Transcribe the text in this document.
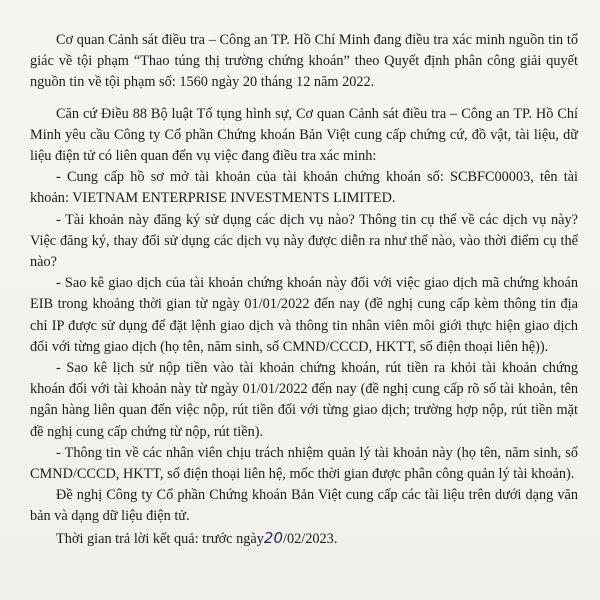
Cơ quan Cảnh sát điều tra – Công an TP. Hồ Chí Minh đang điều tra xác minh nguồn tin tố giác về tội phạm “Thao túng thị trường chứng khoán” theo Quyết định phân công giải quyết nguồn tin về tội phạm số: 1560 ngày 20 tháng 12 năm 2022.

Căn cứ Điều 88 Bộ luật Tố tụng hình sự, Cơ quan Cảnh sát điều tra – Công an TP. Hồ Chí Minh yêu cầu Công ty Cổ phần Chứng khoán Bản Việt cung cấp chứng cứ, đồ vật, tài liệu, dữ liệu điện tử có liên quan đến vụ việc đang điều tra xác minh:

- Cung cấp hồ sơ mở tài khoản của tài khoản chứng khoán số: SCBFC00003, tên tài khoản: VIETNAM ENTERPRISE INVESTMENTS LIMITED.

- Tài khoản này đăng ký sử dụng các dịch vụ nào? Thông tin cụ thể về các dịch vụ này? Việc đăng ký, thay đổi sử dụng các dịch vụ này được diễn ra như thế nào, vào thời điểm cụ thể nào?

- Sao kê giao dịch của tài khoản chứng khoán này đối với việc giao dịch mã chứng khoán EIB trong khoảng thời gian từ ngày 01/01/2022 đến nay (đề nghị cung cấp kèm thông tin địa chỉ IP được sử dụng để đặt lệnh giao dịch và thông tin nhân viên môi giới thực hiện giao dịch đối với từng giao dịch (họ tên, năm sinh, số CMND/CCCD, HKTT, số điện thoại liên hệ)).

- Sao kê lịch sử nộp tiền vào tài khoản chứng khoán, rút tiền ra khỏi tài khoản chứng khoán đối với tài khoản này từ ngày 01/01/2022 đến nay (đề nghị cung cấp rõ số tài khoản, tên ngân hàng liên quan đến việc nộp, rút tiền đối với từng giao dịch; trường hợp nộp, rút tiền mặt đề nghị cung cấp chứng từ nộp, rút tiền).

- Thông tin về các nhân viên chịu trách nhiệm quản lý tài khoản này (họ tên, năm sinh, số CMND/CCCD, HKTT, số điện thoại liên hệ, mốc thời gian được phân công quản lý tài khoản).

Đề nghị Công ty Cổ phần Chứng khoán Bản Việt cung cấp các tài liệu trên dưới dạng văn bản và dạng dữ liệu điện tử.

Thời gian trả lời kết quả: trước ngày20/02/2023.
